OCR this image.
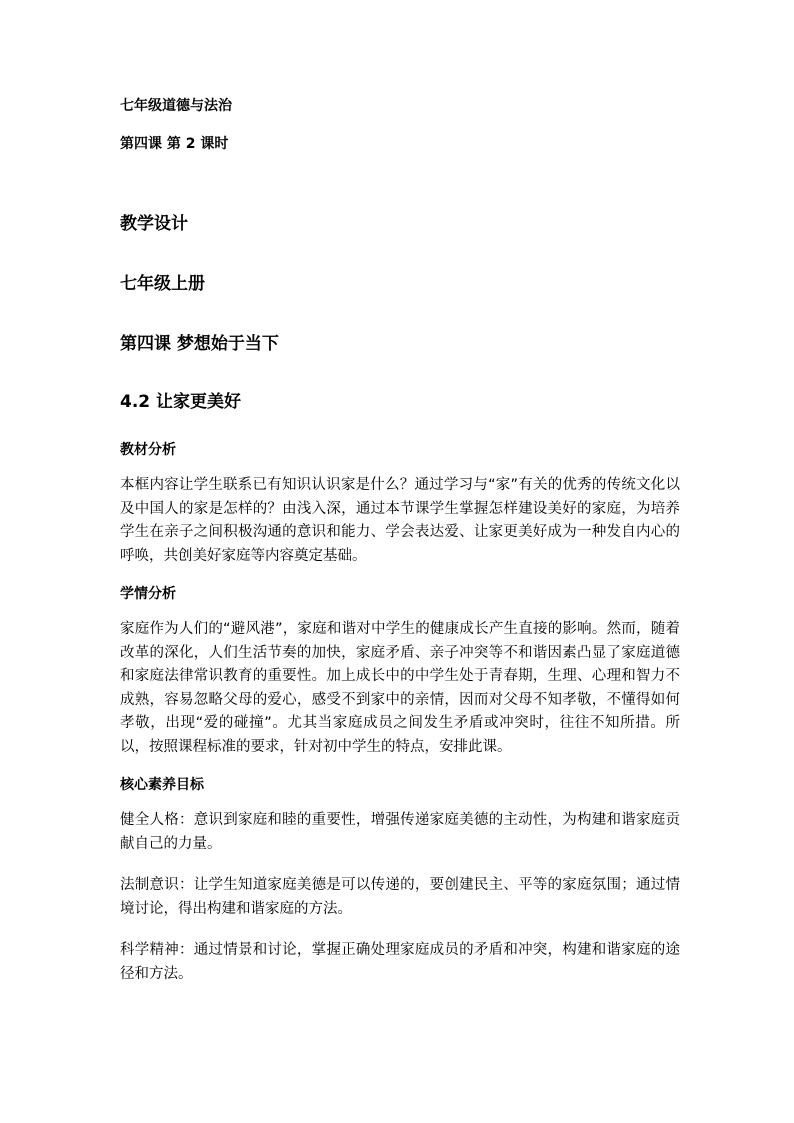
七年级道德与法治

第四课 第 2 课时

教学设计
七年级上册
第四课 梦想始于当下
4.2 让家更美好
教材分析

本框内容让学生联系已有知识认识家是什么？通过学习与“家”有关的优秀的传统文化以及中国人的家是怎样的？由浅入深，通过本节课学生掌握怎样建设美好的家庭，为培养学生在亲子之间积极沟通的意识和能力、学会表达爱、让家更美好成为一种发自内心的呼唤，共创美好家庭等内容奠定基础。

学情分析

家庭作为人们的“避风港”，家庭和谐对中学生的健康成长产生直接的影响。然而，随着改革的深化，人们生活节奏的加快，家庭矛盾、亲子冲突等不和谐因素凸显了家庭道德和家庭法律常识教育的重要性。加上成长中的中学生处于青春期，生理、心理和智力不成熟，容易忽略父母的爱心，感受不到家中的亲情，因而对父母不知孝敬，不懂得如何孝敬，出现“爱的碰撞”。尤其当家庭成员之间发生矛盾或冲突时，往往不知所措。所以，按照课程标准的要求，针对初中学生的特点，安排此课。

核心素养目标

健全人格：意识到家庭和睦的重要性，增强传递家庭美德的主动性，为构建和谐家庭贡献自己的力量。

法制意识：让学生知道家庭美德是可以传递的，要创建民主、平等的家庭氛围；通过情境讨论，得出构建和谐家庭的方法。

科学精神：通过情景和讨论，掌握正确处理家庭成员的矛盾和冲突，构建和谐家庭的途径和方法。
